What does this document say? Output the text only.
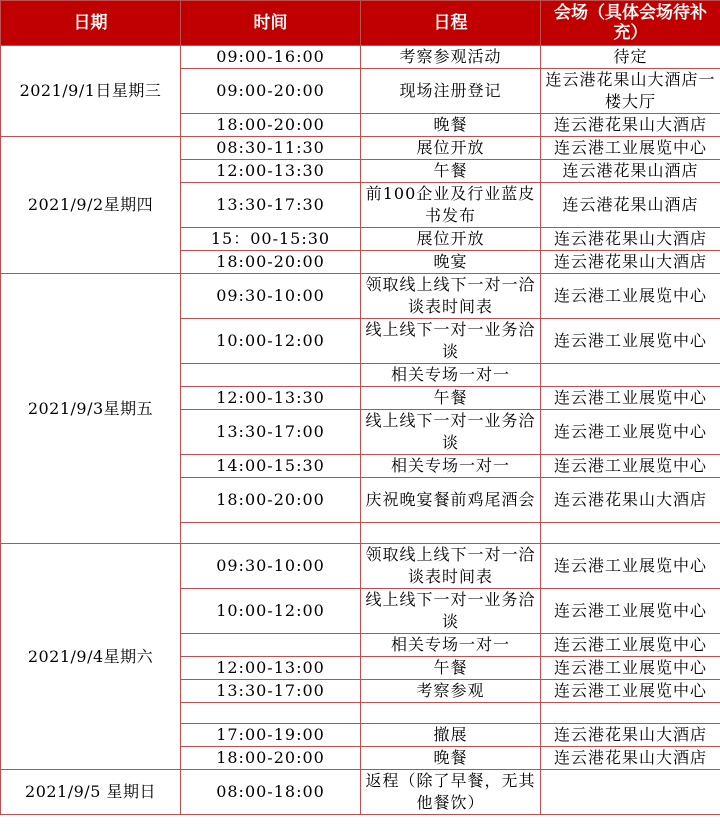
日期	时间	日程	会场（具体会场待补充）
2021/9/1日星期三	09:00-16:00	考察参观活动	待定
	09:00-20:00	现场注册登记	连云港花果山大酒店一楼大厅
	18:00-20:00	晚餐	连云港花果山大酒店
2021/9/2星期四	08:30-11:30	展位开放	连云港工业展览中心
	12:00-13:30	午餐	连云港花果山酒店
	13:30-17:30	前100企业及行业蓝皮书发布	连云港花果山酒店
	15：00-15:30	展位开放	连云港花果山大酒店
	18:00-20:00	晚宴	连云港花果山大酒店
2021/9/3星期五	09:30-10:00	领取线上线下一对一洽谈表时间表	连云港工业展览中心
	10:00-12:00	线上线下一对一业务洽谈	连云港工业展览中心
		相关专场一对一	
	12:00-13:30	午餐	连云港工业展览中心
	13:30-17:00	线上线下一对一业务洽谈	连云港工业展览中心
	14:00-15:30	相关专场一对一	连云港工业展览中心
	18:00-20:00	庆祝晚宴餐前鸡尾酒会	连云港花果山大酒店

2021/9/4星期六	09:30-10:00	领取线上线下一对一洽谈表时间表	连云港工业展览中心
	10:00-12:00	线上线下一对一业务洽谈	连云港工业展览中心
		相关专场一对一	连云港工业展览中心
	12:00-13:00	午餐	连云港工业展览中心
	13:30-17:00	考察参观	连云港工业展览中心

	17:00-19:00	撤展	连云港花果山大酒店
	18:00-20:00	晚餐	连云港花果山大酒店
2021/9/5 星期日	08:00-18:00	返程（除了早餐，无其他餐饮）	
